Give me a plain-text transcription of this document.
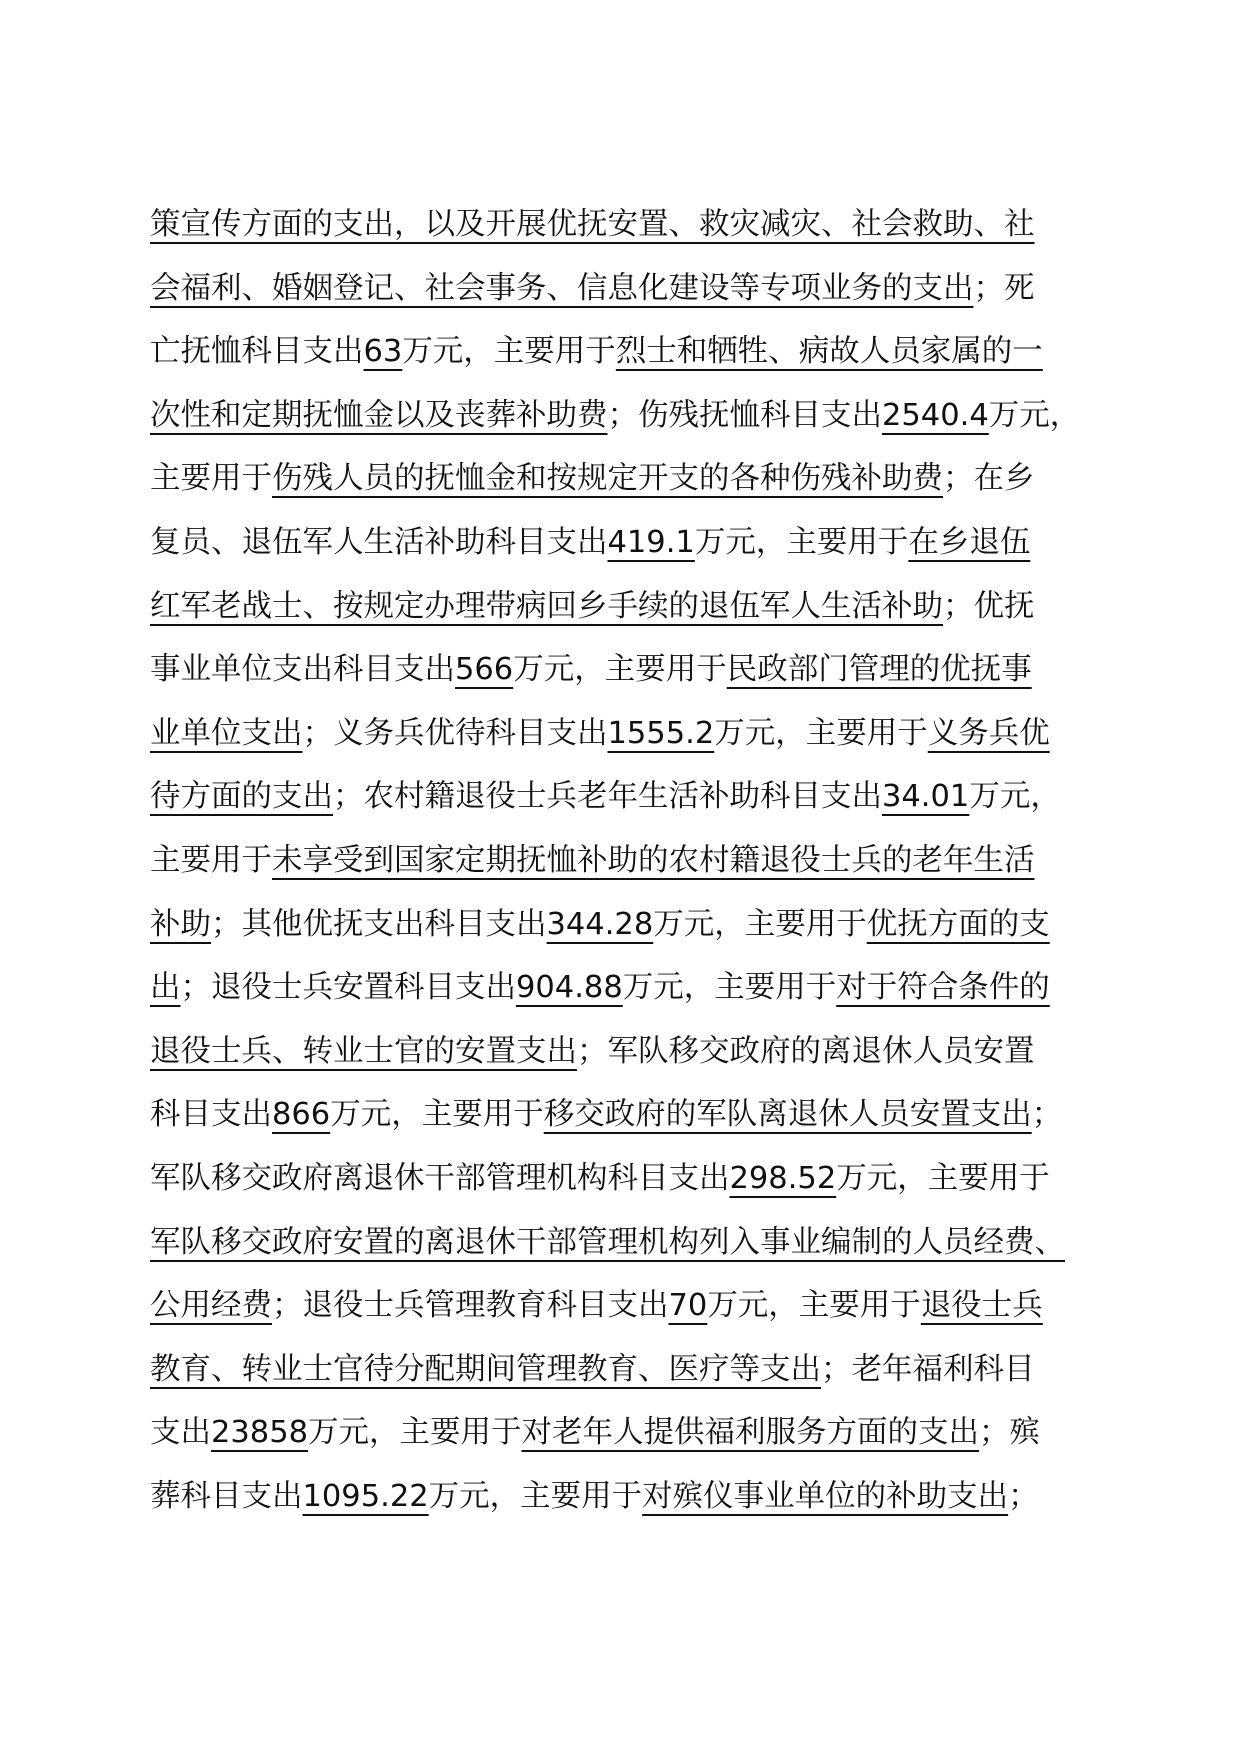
策宣传方面的支出，以及开展优抚安置、救灾减灾、社会救助、社
会福利、婚姻登记、社会事务、信息化建设等专项业务的支出；死
亡抚恤科目支出63万元，主要用于烈士和牺牲、病故人员家属的一
次性和定期抚恤金以及丧葬补助费；伤残抚恤科目支出2540.4万元，
主要用于伤残人员的抚恤金和按规定开支的各种伤残补助费；在乡
复员、退伍军人生活补助科目支出419.1万元，主要用于在乡退伍
红军老战士、按规定办理带病回乡手续的退伍军人生活补助；优抚
事业单位支出科目支出566万元，主要用于民政部门管理的优抚事
业单位支出；义务兵优待科目支出1555.2万元，主要用于义务兵优
待方面的支出；农村籍退役士兵老年生活补助科目支出34.01万元，
主要用于未享受到国家定期抚恤补助的农村籍退役士兵的老年生活
补助；其他优抚支出科目支出344.28万元，主要用于优抚方面的支
出；退役士兵安置科目支出904.88万元，主要用于对于符合条件的
退役士兵、转业士官的安置支出；军队移交政府的离退休人员安置
科目支出866万元，主要用于移交政府的军队离退休人员安置支出；
军队移交政府离退休干部管理机构科目支出298.52万元，主要用于
军队移交政府安置的离退休干部管理机构列入事业编制的人员经费、
公用经费；退役士兵管理教育科目支出70万元，主要用于退役士兵
教育、转业士官待分配期间管理教育、医疗等支出；老年福利科目
支出23858万元，主要用于对老年人提供福利服务方面的支出；殡
葬科目支出1095.22万元，主要用于对殡仪事业单位的补助支出；
